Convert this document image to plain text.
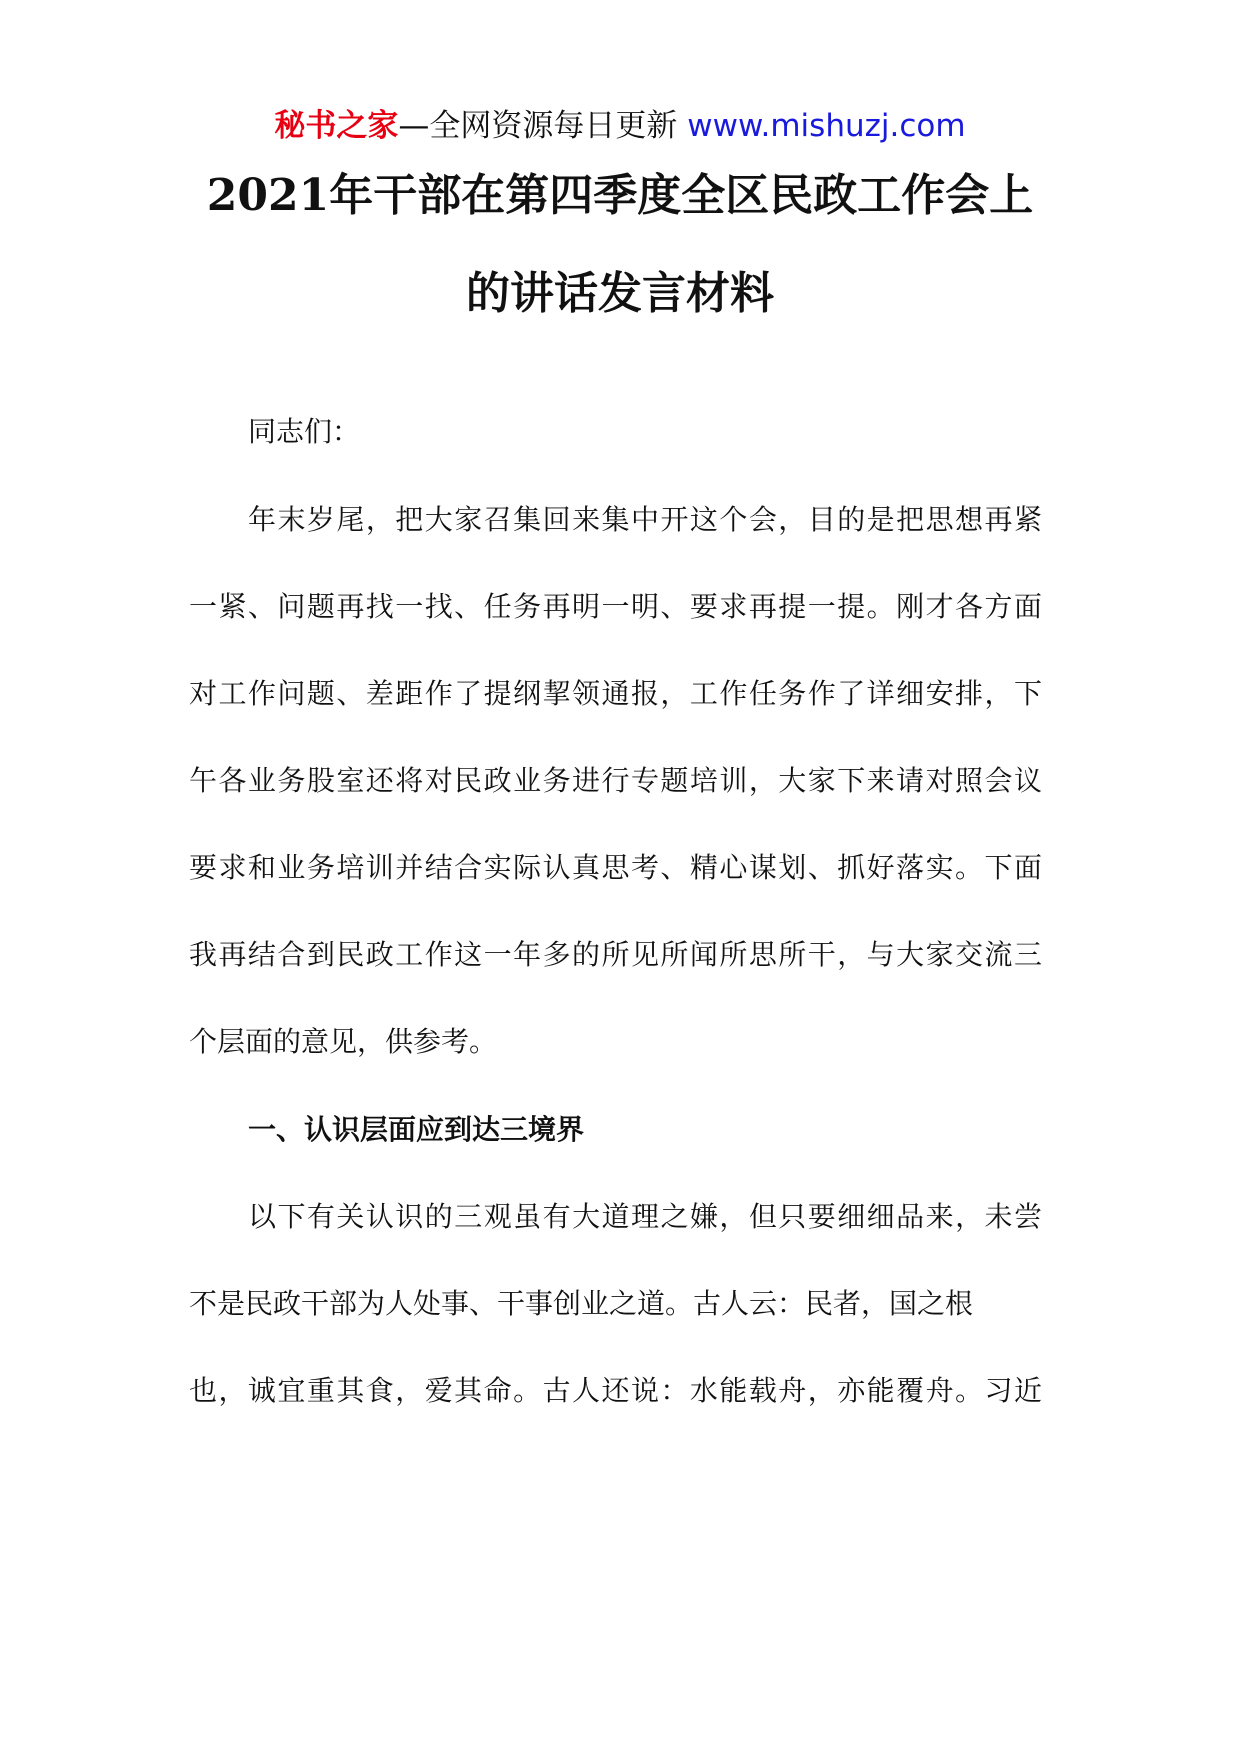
秘书之家—全网资源每日更新 www.mishuzj.com
2021年干部在第四季度全区民政工作会上
的讲话发言材料
同志们：
年末岁尾，把大家召集回来集中开这个会，目的是把思想再紧
一紧、问题再找一找、任务再明一明、要求再提一提。刚才各方面
对工作问题、差距作了提纲挈领通报，工作任务作了详细安排，下
午各业务股室还将对民政业务进行专题培训，大家下来请对照会议
要求和业务培训并结合实际认真思考、精心谋划、抓好落实。下面
我再结合到民政工作这一年多的所见所闻所思所干，与大家交流三
个层面的意见，供参考。
一、认识层面应到达三境界
以下有关认识的三观虽有大道理之嫌，但只要细细品来，未尝
不是民政干部为人处事、干事创业之道。古人云：民者，国之根
也，诚宜重其食，爱其命。古人还说：水能载舟，亦能覆舟。习近
